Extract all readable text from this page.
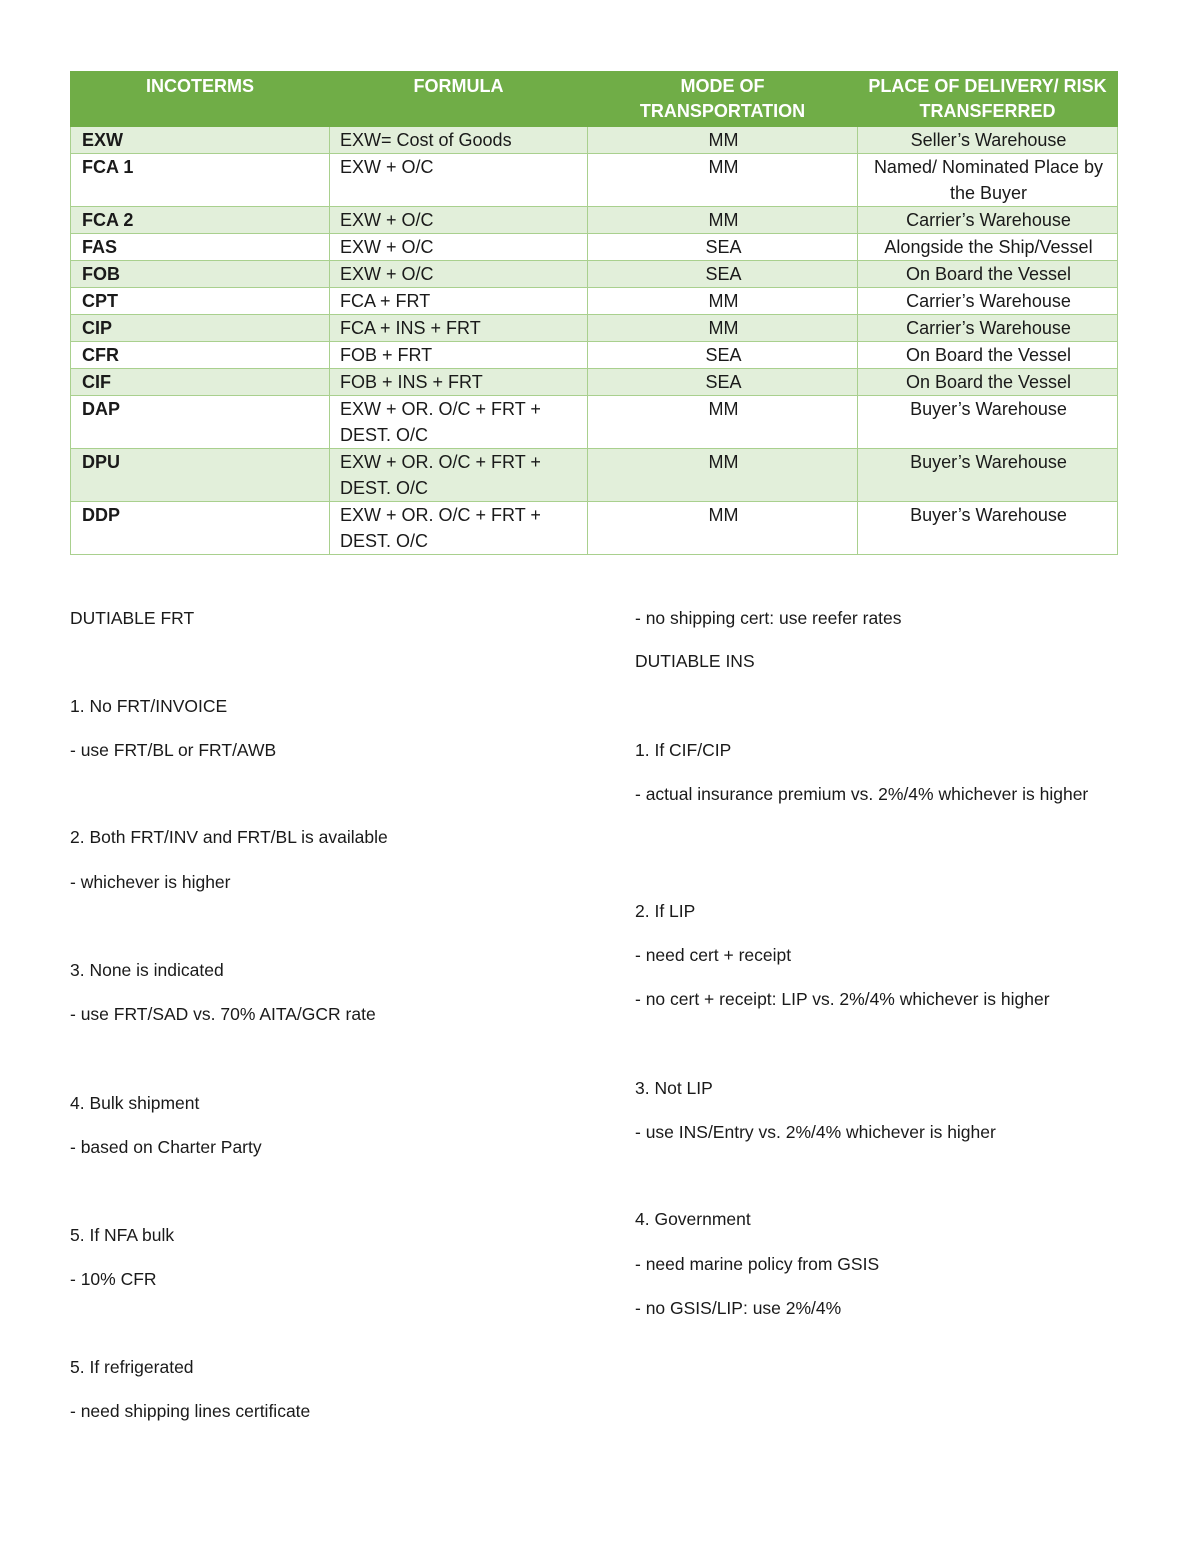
INCOTERMS	FORMULA	MODE OF TRANSPORTATION	PLACE OF DELIVERY/ RISK TRANSFERRED
EXW	EXW= Cost of Goods	MM	Seller’s Warehouse
FCA 1	EXW + O/C	MM	Named/ Nominated Place by the Buyer
FCA 2	EXW + O/C	MM	Carrier’s Warehouse
FAS	EXW + O/C	SEA	Alongside the Ship/Vessel
FOB	EXW + O/C	SEA	On Board the Vessel
CPT	FCA + FRT	MM	Carrier’s Warehouse
CIP	FCA + INS + FRT	MM	Carrier’s Warehouse
CFR	FOB + FRT	SEA	On Board the Vessel
CIF	FOB + INS + FRT	SEA	On Board the Vessel
DAP	EXW + OR. O/C + FRT + DEST. O/C	MM	Buyer’s Warehouse
DPU	EXW + OR. O/C + FRT + DEST. O/C	MM	Buyer’s Warehouse
DDP	EXW + OR. O/C + FRT + DEST. O/C	MM	Buyer’s Warehouse

DUTIABLE FRT

1. No FRT/INVOICE

- use FRT/BL or FRT/AWB

2. Both FRT/INV and FRT/BL is available

- whichever is higher

3. None is indicated

- use FRT/SAD vs. 70% AITA/GCR rate

4. Bulk shipment

- based on Charter Party

5. If NFA bulk

- 10% CFR

5. If refrigerated

- need shipping lines certificate

- no shipping cert: use reefer rates

DUTIABLE INS

1. If CIF/CIP

- actual insurance premium vs. 2%/4% whichever is higher

2. If LIP

- need cert + receipt

- no cert + receipt: LIP vs. 2%/4% whichever is higher

3. Not LIP

- use INS/Entry vs. 2%/4% whichever is higher

4. Government

- need marine policy from GSIS

- no GSIS/LIP: use 2%/4%
